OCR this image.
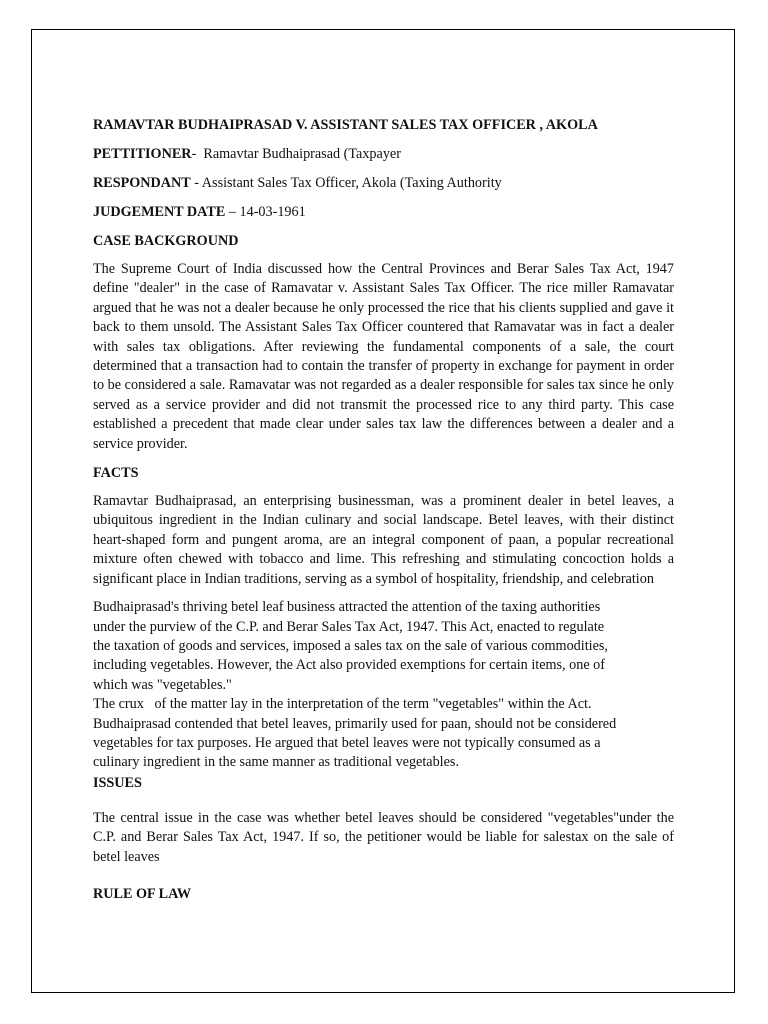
RAMAVTAR BUDHAIPRASAD V. ASSISTANT SALES TAX OFFICER , AKOLA

PETTITIONER-  Ramavtar Budhaiprasad (Taxpayer

RESPONDANT - Assistant Sales Tax Officer, Akola (Taxing Authority

JUDGEMENT DATE – 14-03-1961

CASE BACKGROUND

The Supreme Court of India discussed how the Central Provinces and Berar Sales Tax Act, 1947 define "dealer" in the case of Ramavatar v. Assistant Sales Tax Officer. The rice miller Ramavatar argued that he was not a dealer because he only processed the rice that his clients supplied and gave it back to them unsold. The Assistant Sales Tax Officer countered that Ramavatar was in fact a dealer with sales tax obligations. After reviewing the fundamental components of a sale, the court determined that a transaction had to contain the transfer of property in exchange for payment in order to be considered a sale. Ramavatar was not regarded as a dealer responsible for sales tax since he only served as a service provider and did not transmit the processed rice to any third party. This case established a precedent that made clear under sales tax law the differences between a dealer and a service provider.

FACTS

Ramavtar Budhaiprasad, an enterprising businessman, was a prominent dealer in betel leaves, a ubiquitous ingredient in the Indian culinary and social landscape. Betel leaves, with their distinct heart-shaped form and pungent aroma, are an integral component of paan, a popular recreational mixture often chewed with tobacco and lime. This refreshing and stimulating concoction holds a significant place in Indian traditions, serving as a symbol of hospitality, friendship, and celebration

Budhaiprasad's thriving betel leaf business attracted the attention of the taxing authorities

under the purview of the C.P. and Berar Sales Tax Act, 1947. This Act, enacted to regulate

the taxation of goods and services, imposed a sales tax on the sale of various commodities,

including vegetables. However, the Act also provided exemptions for certain items, one of

which was "vegetables."

The crux   of the matter lay in the interpretation of the term "vegetables" within the Act.

Budhaiprasad contended that betel leaves, primarily used for paan, should not be considered

vegetables for tax purposes. He argued that betel leaves were not typically consumed as a

culinary ingredient in the same manner as traditional vegetables.

ISSUES

The central issue in the case was whether betel leaves should be considered "vegetables"under the C.P. and Berar Sales Tax Act, 1947. If so, the petitioner would be liable for salestax on the sale of betel leaves

RULE OF LAW
